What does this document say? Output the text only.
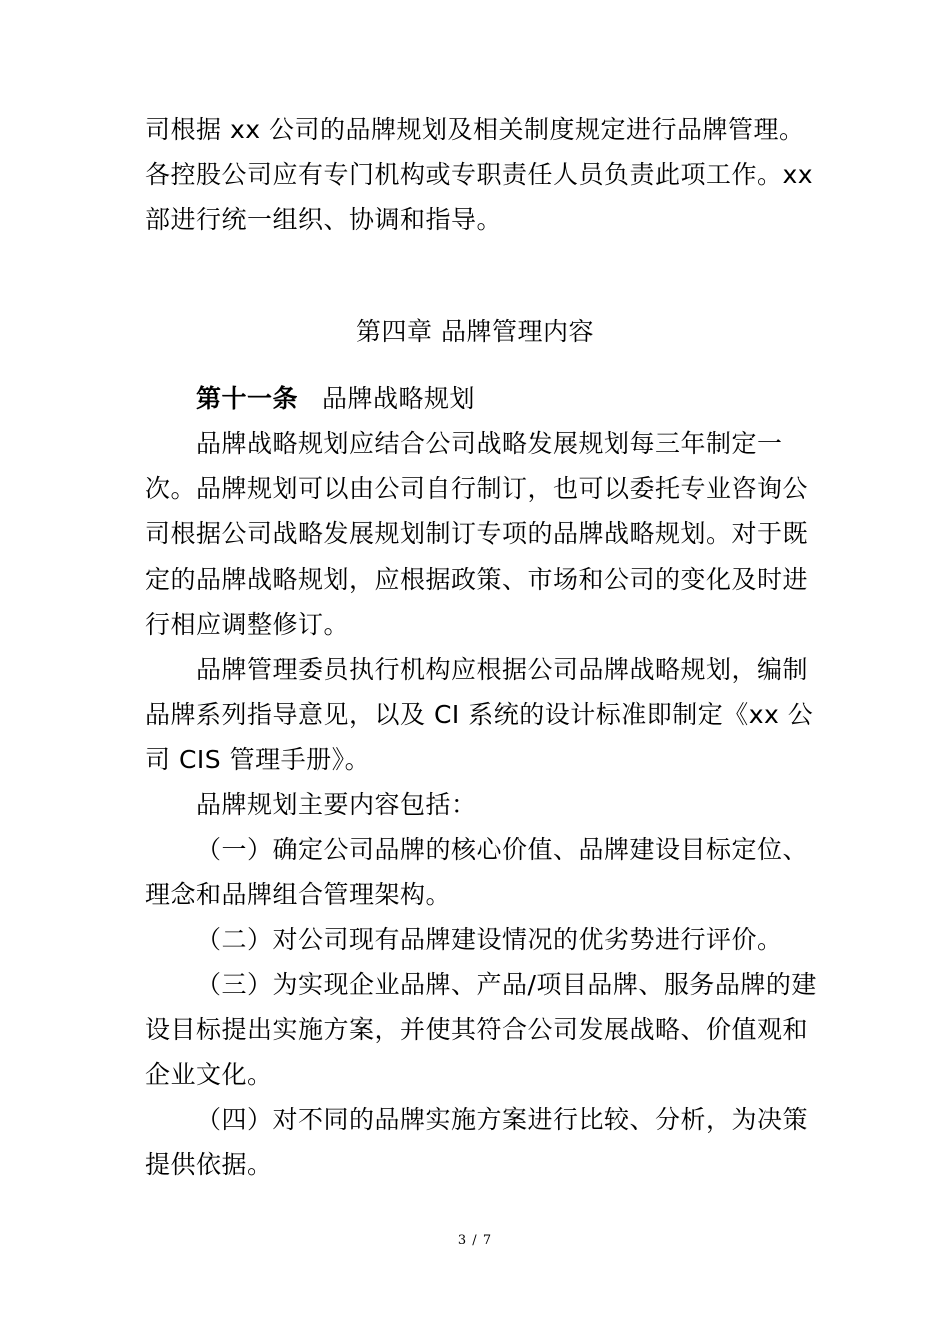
司根据 xx 公司的品牌规划及相关制度规定进行品牌管理。
各控股公司应有专门机构或专职责任人员负责此项工作。xx
部进行统一组织、协调和指导。
第四章 品牌管理内容
第十一条 品牌战略规划
品牌战略规划应结合公司战略发展规划每三年制定一
次。品牌规划可以由公司自行制订，也可以委托专业咨询公
司根据公司战略发展规划制订专项的品牌战略规划。对于既
定的品牌战略规划，应根据政策、市场和公司的变化及时进
行相应调整修订。
品牌管理委员执行机构应根据公司品牌战略规划，编制
品牌系列指导意见，以及 CI 系统的设计标准即制定《xx 公
司 CIS 管理手册》。
品牌规划主要内容包括：
（一）确定公司品牌的核心价值、品牌建设目标定位、
理念和品牌组合管理架构。
（二）对公司现有品牌建设情况的优劣势进行评价。
（三）为实现企业品牌、产品/项目品牌、服务品牌的建
设目标提出实施方案，并使其符合公司发展战略、价值观和
企业文化。
（四）对不同的品牌实施方案进行比较、分析，为决策
提供依据。
3 / 7
